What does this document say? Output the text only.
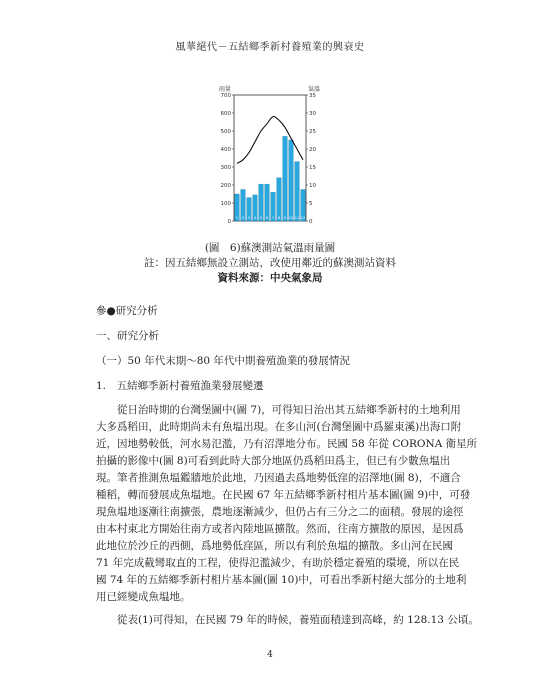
風華絕代－五結鄉季新村養殖業的興衰史
雨量	氣溫
700
600
500
400
300
200
100
0
35
30
25
20
15
10
5
0
1 2 3 4 5 6 7 8 9 10 11 12
(圖　6)蘇澳測站氣溫雨量圖
註：因五結鄉無設立測站，改使用鄰近的蘇澳測站資料
資料來源：中央氣象局
參●研究分析
一、研究分析
（一）50 年代末期～80 年代中期養殖漁業的發展情況
1.　五結鄉季新村養殖漁業發展變遷

　　從日治時期的台灣堡圖中(圖 7)，可得知日治出其五結鄉季新村的土地利用

大多爲稻田，此時期尚未有魚塭出現。在多山河(台灣堡圖中爲羅東溪)出海口附

近，因地勢較低，河水易氾濫，乃有沼澤地分布。民國 58 年從 CORONA 衛星所

拍攝的影像中(圖 8)可看到此時大部分地區仍爲稻田爲主，但已有少數魚塭出

現。筆者推測魚塭鑑牆地於此地，乃因過去爲地勢低窪的沼澤地(圖 8)，不適合

種稻，轉而發展成魚塭地。在民國 67 年五結鄉季新村相片基本圖(圖 9)中，可發

現魚塭地逐漸往南擴張，農地逐漸減少，但仍占有三分之二的面積。發展的途徑

由本村東北方開始往南方或者內陸地區擴散。然而，往南方擴散的原因，是因爲

此地位於沙丘的西側，爲地勢低窪區，所以有利於魚塭的擴散。多山河在民國

71 年完成截彎取直的工程，使得氾濫減少，有助於穩定養殖的環境，所以在民

國 74 年的五結鄉季新村相片基本圖(圖 10)中，可看出季新村絕大部分的土地利

用已經變成魚塭地。

　　從表(1)可得知，在民國 79 年的時候，養殖面積達到高峰，約 128.13 公頃。

4
